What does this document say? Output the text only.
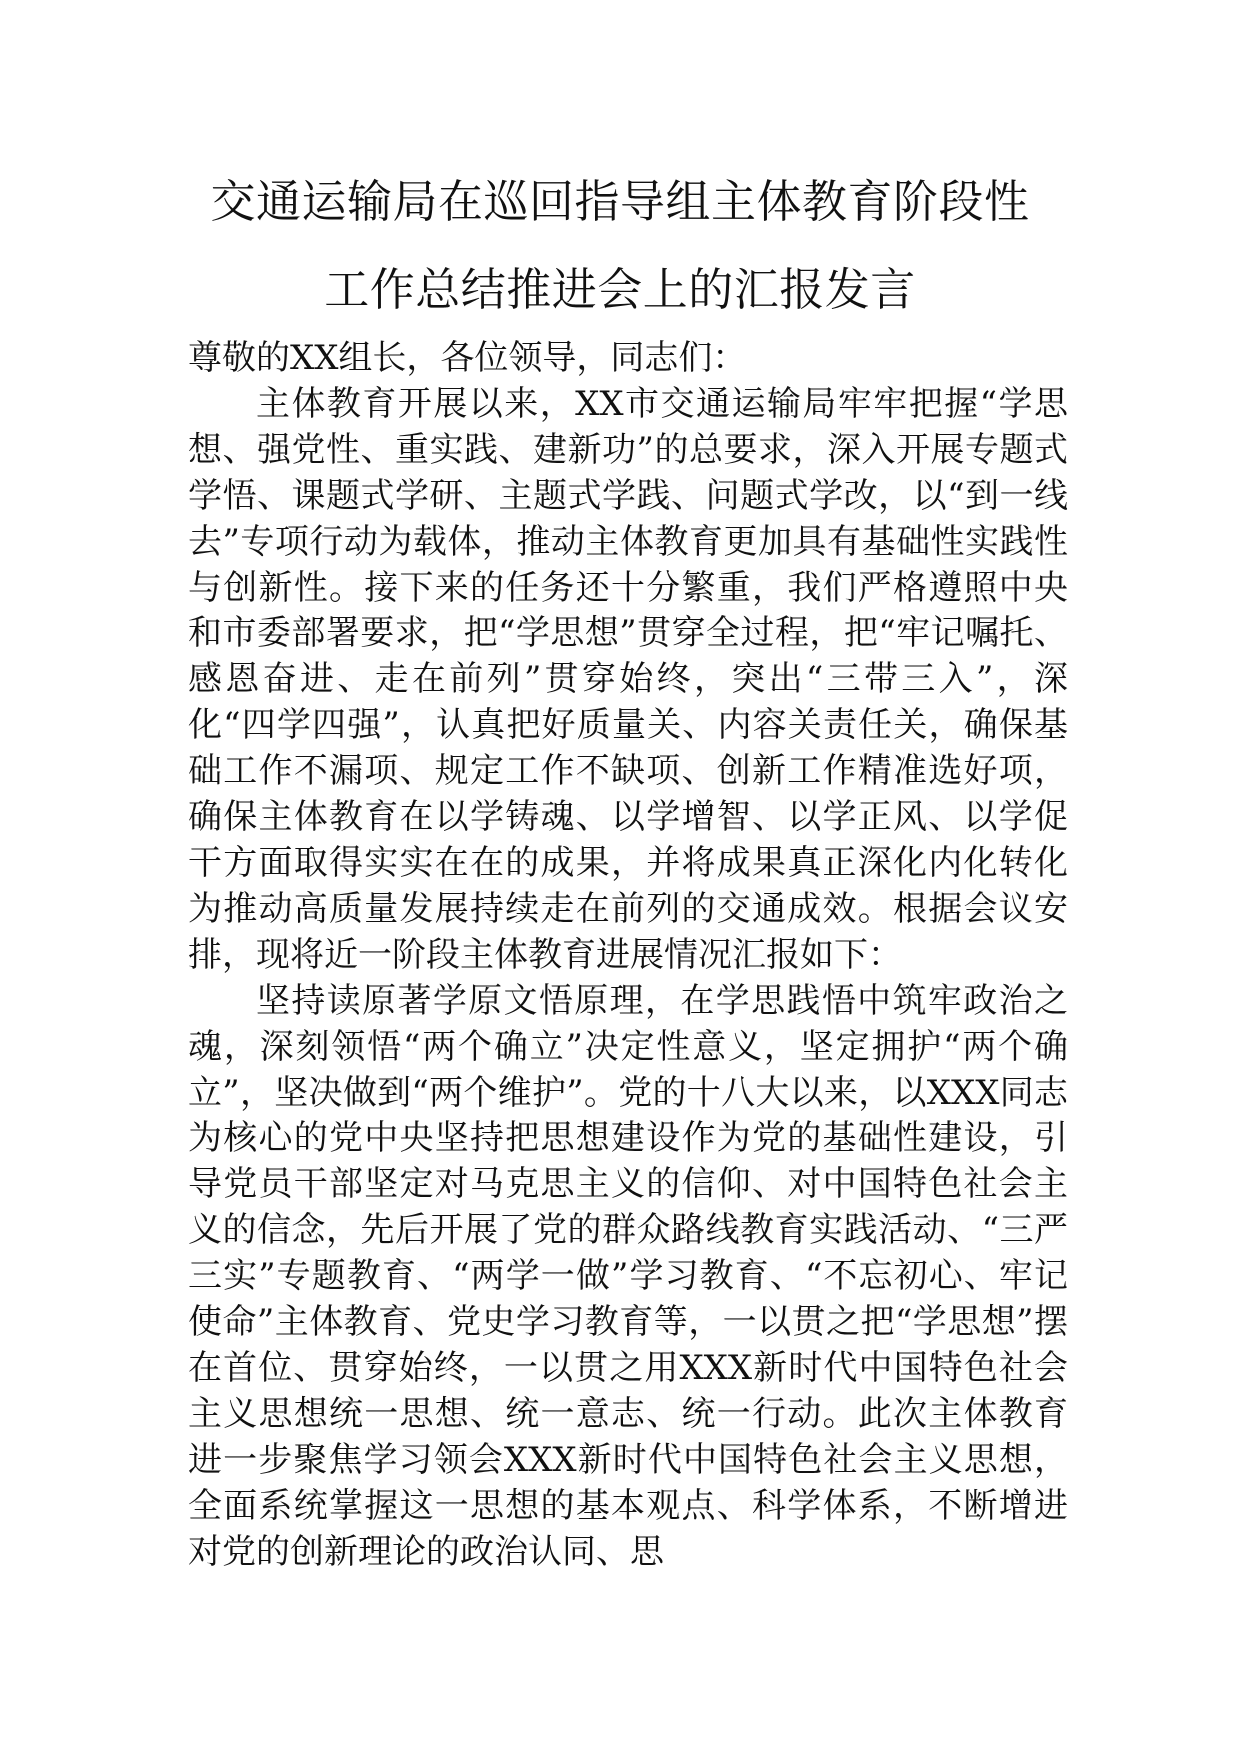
交通运输局在巡回指导组主体教育阶段性
工作总结推进会上的汇报发言

尊敬的XX组长，各位领导，同志们：

主体教育开展以来，XX市交通运输局牢牢把握“学思想、强党性、重实践、建新功”的总要求，深入开展专题式学悟、课题式学研、主题式学践、问题式学改，以“到一线去”专项行动为载体，推动主体教育更加具有基础性实践性与创新性。接下来的任务还十分繁重，我们严格遵照中央和市委部署要求，把“学思想”贯穿全过程，把“牢记嘱托、感恩奋进、走在前列”贯穿始终，突出“三带三入”，深化“四学四强”，认真把好质量关、内容关责任关，确保基础工作不漏项、规定工作不缺项、创新工作精准选好项，确保主体教育在以学铸魂、以学增智、以学正风、以学促干方面取得实实在在的成果，并将成果真正深化内化转化为推动高质量发展持续走在前列的交通成效。根据会议安排，现将近一阶段主体教育进展情况汇报如下：

坚持读原著学原文悟原理，在学思践悟中筑牢政治之魂，深刻领悟“两个确立”决定性意义，坚定拥护“两个确立”，坚决做到“两个维护”。党的十八大以来，以XXX同志为核心的党中央坚持把思想建设作为党的基础性建设，引导党员干部坚定对马克思主义的信仰、对中国特色社会主义的信念，先后开展了党的群众路线教育实践活动、“三严三实”专题教育、“两学一做”学习教育、“不忘初心、牢记使命”主体教育、党史学习教育等，一以贯之把“学思想”摆在首位、贯穿始终，一以贯之用XXX新时代中国特色社会主义思想统一思想、统一意志、统一行动。此次主体教育进一步聚焦学习领会XXX新时代中国特色社会主义思想，全面系统掌握这一思想的基本观点、科学体系，不断增进对党的创新理论的政治认同、思
